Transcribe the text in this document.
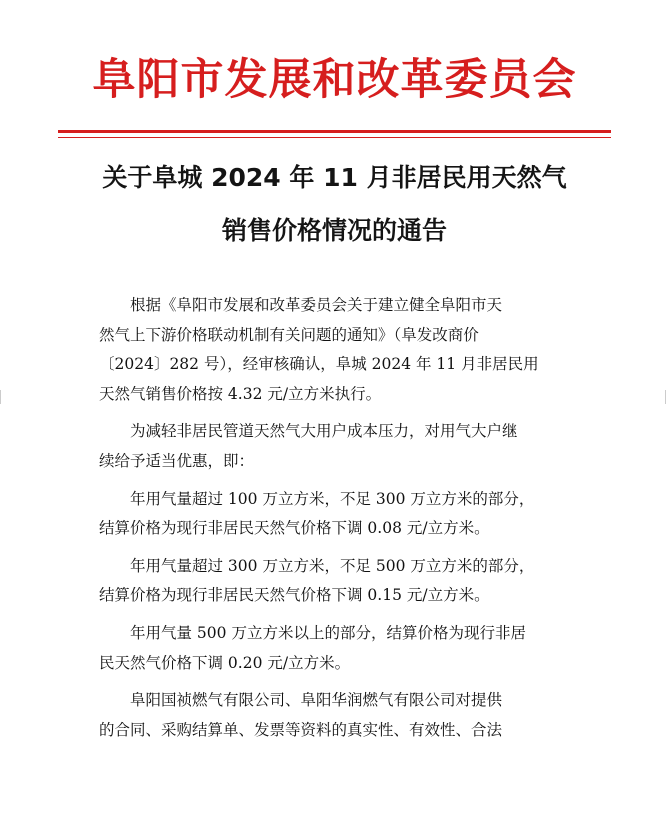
阜阳市发展和改革委员会
关于阜城 2024 年 11 月非居民用天然气
销售价格情况的通告

根据《阜阳市发展和改革委员会关于建立健全阜阳市天
然气上下游价格联动机制有关问题的通知》（阜发改商价
〔2024〕282 号），经审核确认，阜城 2024 年 11 月非居民用
天然气销售价格按 4.32 元/立方米执行。

为减轻非居民管道天然气大用户成本压力，对用气大户继
续给予适当优惠，即：

年用气量超过 100 万立方米，不足 300 万立方米的部分，
结算价格为现行非居民天然气价格下调 0.08 元/立方米。

年用气量超过 300 万立方米，不足 500 万立方米的部分，
结算价格为现行非居民天然气价格下调 0.15 元/立方米。

年用气量 500 万立方米以上的部分，结算价格为现行非居
民天然气价格下调 0.20 元/立方米。

阜阳国祯燃气有限公司、阜阳华润燃气有限公司对提供
的合同、采购结算单、发票等资料的真实性、有效性、合法
